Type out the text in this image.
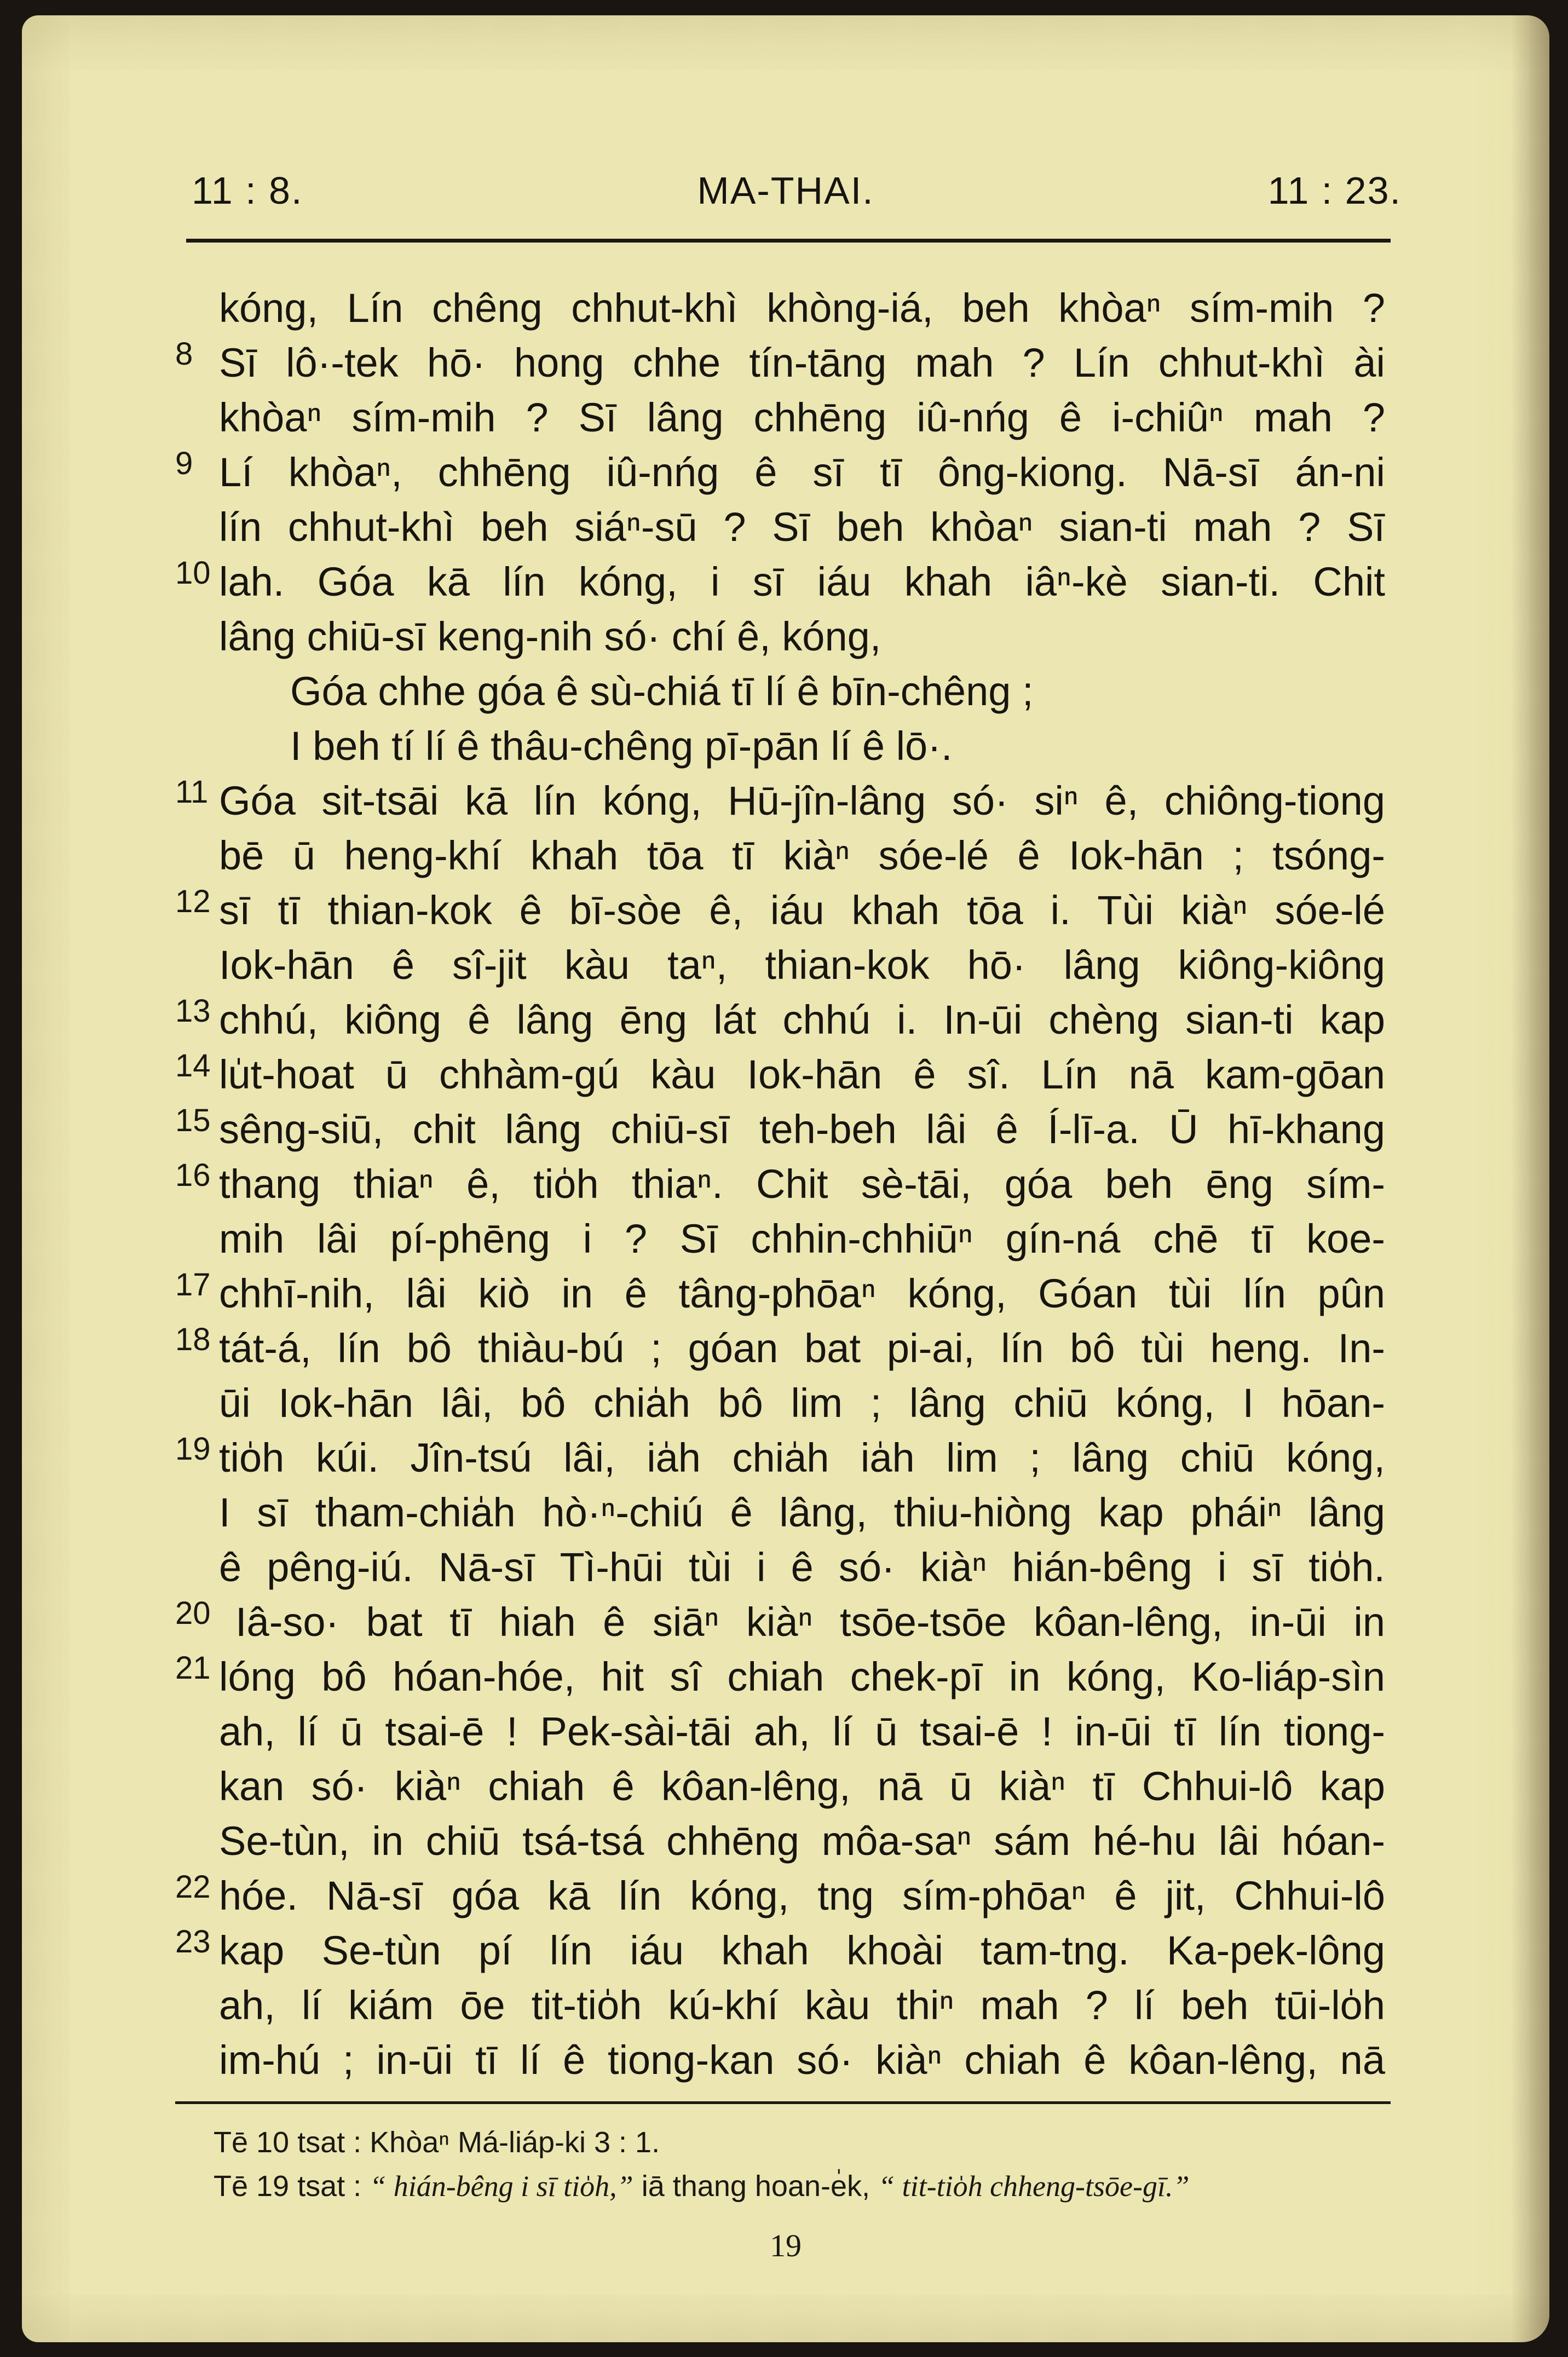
11 : 8.	MA-THAI.	11 : 23.
8
9
10
11
12
13
14
15
16
17
18
19
20
21
22
23
kóng, Lín chêng chhut-khì khòng-iá, beh khòaⁿ sím-mih ?
Sī lô·-tek hō· hong chhe tín-tāng mah ? Lín chhut-khì ài
khòaⁿ sím-mih ? Sī lâng chhēng iû-nńg ê i-chiûⁿ mah ?
Lí khòaⁿ, chhēng iû-nńg ê sī tī ông-kiong. Nā-sī án-ni
lín chhut-khì beh siáⁿ-sū ? Sī beh khòaⁿ sian-ti mah ? Sī
lah. Góa kā lín kóng, i sī iáu khah iâⁿ-kè sian-ti. Chit
lâng chiū-sī keng-nih só· chí ê, kóng,
Góa chhe góa ê sù-chiá tī lí ê bīn-chêng ;
I beh tí lí ê thâu-chêng pī-pān lí ê lō·.
Góa sit-tsāi kā lín kóng, Hū-jîn-lâng só· siⁿ ê, chiông-tiong
bē ū heng-khí khah tōa tī kiàⁿ sóe-lé ê Iok-hān ; tsóng-
sī tī thian-kok ê bī-sòe ê, iáu khah tōa i. Tùi kiàⁿ sóe-lé
Iok-hān ê sî-jit kàu taⁿ, thian-kok hō· lâng kiông-kiông
chhú, kiông ê lâng ēng lát chhú i. In-ūi chèng sian-ti kap
lu̍t-hoat ū chhàm-gú kàu Iok-hān ê sî. Lín nā kam-gōan
sêng-siū, chit lâng chiū-sī teh-beh lâi ê Í-lī-a. Ū hī-khang
thang thiaⁿ ê, tio̍h thiaⁿ. Chit sè-tāi, góa beh ēng sím-
mih lâi pí-phēng i ? Sī chhin-chhiūⁿ gín-ná chē tī koe-
chhī-nih, lâi kiò in ê tâng-phōaⁿ kóng, Góan tùi lín pûn
tát-á, lín bô thiàu-bú ; góan bat pi-ai, lín bô tùi heng. In-
ūi Iok-hān lâi, bô chia̍h bô lim ; lâng chiū kóng, I hōan-
tio̍h kúi. Jîn-tsú lâi, ia̍h chia̍h ia̍h lim ; lâng chiū kóng,
I sī tham-chia̍h hò·ⁿ-chiú ê lâng, thiu-hiòng kap pháiⁿ lâng
ê pêng-iú. Nā-sī Tì-hūi tùi i ê só· kiàⁿ hián-bêng i sī tio̍h.
Iâ-so· bat tī hiah ê siāⁿ kiàⁿ tsōe-tsōe kôan-lêng, in-ūi in
lóng bô hóan-hóe, hit sî chiah chek-pī in kóng, Ko-liáp-sìn
ah, lí ū tsai-ē ! Pek-sài-tāi ah, lí ū tsai-ē ! in-ūi tī lín tiong-
kan só· kiàⁿ chiah ê kôan-lêng, nā ū kiàⁿ tī Chhui-lô kap
Se-tùn, in chiū tsá-tsá chhēng môa-saⁿ sám hé-hu lâi hóan-
hóe. Nā-sī góa kā lín kóng, tng sím-phōaⁿ ê jit, Chhui-lô
kap Se-tùn pí lín iáu khah khoài tam-tng. Ka-pek-lông
ah, lí kiám ōe tit-tio̍h kú-khí kàu thiⁿ mah ? lí beh tūi-lo̍h
im-hú ; in-ūi tī lí ê tiong-kan só· kiàⁿ chiah ê kôan-lêng, nā
Tē 10 tsat : Khòaⁿ Má-liáp-ki 3 : 1.
Tē 19 tsat : “ hián-bêng i sī tio̍h,” iā thang hoan-e̍k, “ tit-tio̍h chheng-tsōe-gī.”
19
